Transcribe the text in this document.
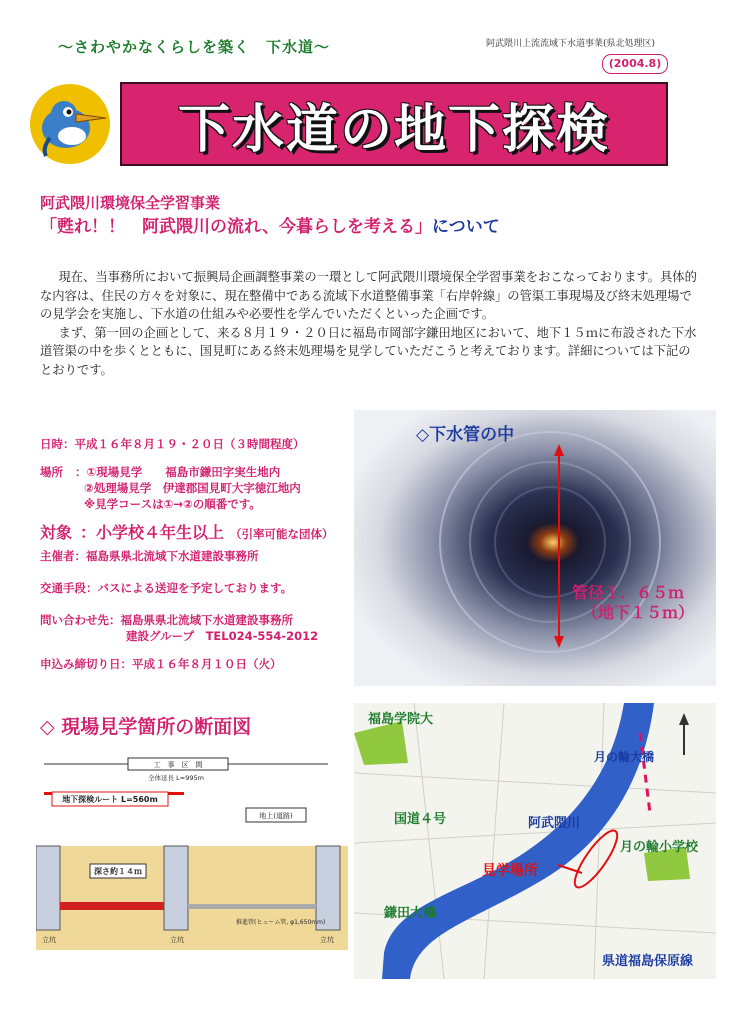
～さわやかなくらしを築く　下水道～	阿武隈川上流流域下水道事業(県北処理区)
(2004.8)
下水道の地下探検
阿武隈川環境保全学習事業
「甦れ！！　阿武隈川の流れ、今暮らしを考える」について

現在、当事務所において振興局企画調整事業の一環として阿武隈川環境保全学習事業をおこなっております。具体的な内容は、住民の方々を対象に、現在整備中である流域下水道整備事業「右岸幹線」の管渠工事現場及び終末処理場での見学会を実施し、下水道の仕組みや必要性を学んでいただくといった企画です。

まず、第一回の企画として、来る８月１９・２０日に福島市岡部字鎌田地区において、地下１５ｍに布設された下水道管渠の中を歩くとともに、国見町にある終末処理場を見学していただこうと考えております。詳細については下記のとおりです。

日時：平成１６年８月１９・２０日（３時間程度）
場所 ：①現場見学　　福島市鎌田字実生地内
②処理場見学　伊達郡国見町大字徳江地内
※見学コースは①→②の順番です。
対象 ：小学校４年生以上 （引率可能な団体）
主催者：福島県県北流域下水道建設事務所
交通手段：バスによる送迎を予定しております。
問い合わせ先：福島県県北流域下水道建設事務所
建設グループ　TEL024-554-2012
申込み締切り日：平成１６年８月１０日（火）
◇下水管の中
管径１．６５ｍ
（地下１５ｍ）
◇ 現場見学箇所の断面図
工　事　区　間
全体延長 L=995m
地下探検ルート L=560m
地上(道路)
深さ約１４ｍ
推進管(ヒューム管, φ1,650mm)
立坑	立坑	立坑
福島学院大
月の輪大橋
国道４号	阿武隈川
月の輪小学校
見学場所
鎌田大橋
県道福島保原線
